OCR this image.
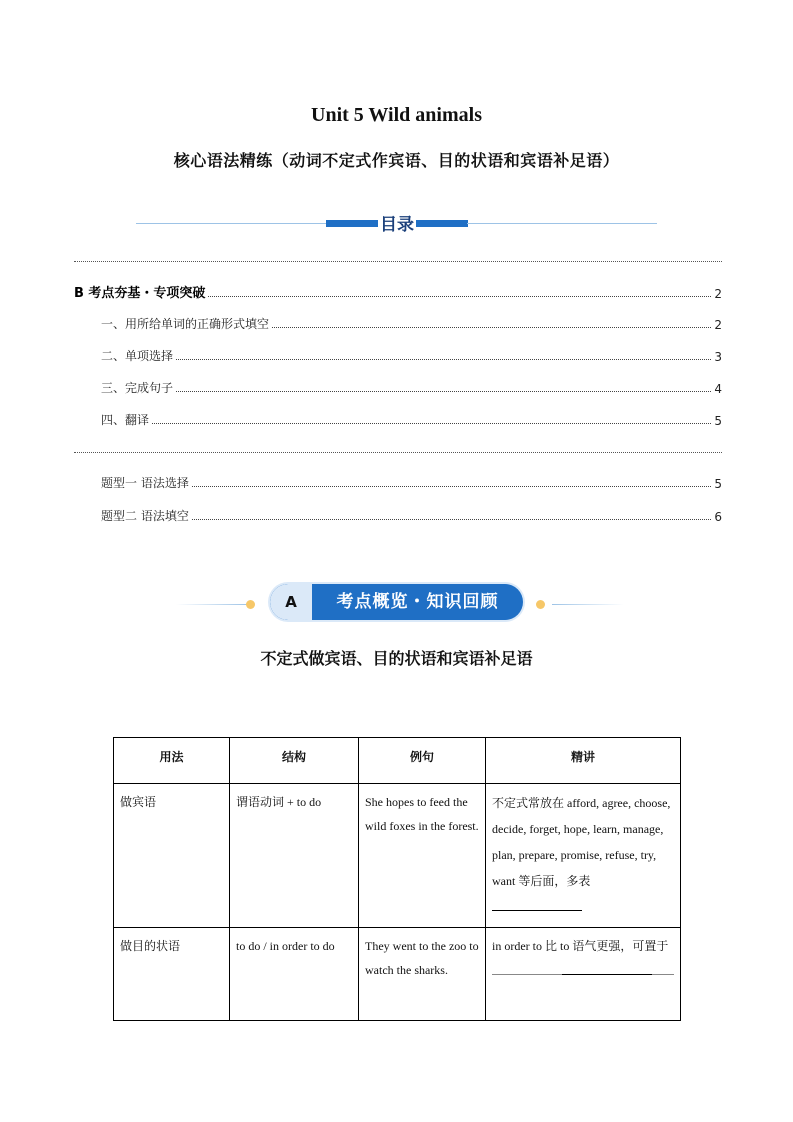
Unit 5 Wild animals
核心语法精练（动词不定式作宾语、目的状语和宾语补足语）
目录
B 考点夯基・专项突破	2
一、用所给单词的正确形式填空	2
二、单项选择	3
三、完成句子	4
四、翻译	5
题型一 语法选择	5
题型二 语法填空	6
A	考点概览・知识回顾
不定式做宾语、目的状语和宾语补足语
用法	结构	例句	精讲

做宾语	谓语动词 + to do	She hopes to feed the wild foxes in the forest.	不定式常放在 afford, agree, choose, decide, forget, hope, learn, manage, plan, prepare, promise, refuse, try, want 等后面，多表

做目的状语	to do / in order to do	They went to the zoo to watch the sharks.	in order to 比 to 语气更强，可置于
